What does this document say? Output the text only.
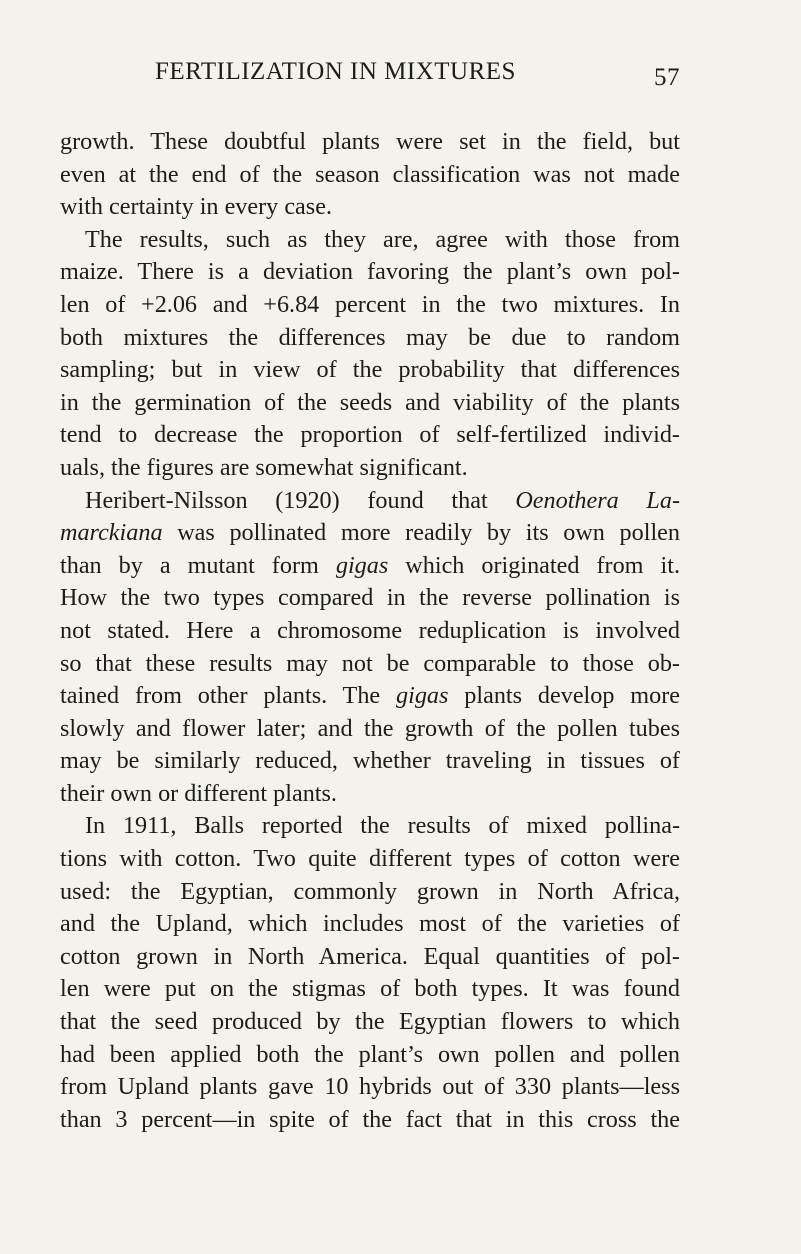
FERTILIZATION IN MIXTURES	57
growth. These doubtful plants were set in the field, but
even at the end of the season classification was not made
with certainty in every case.
The results, such as they are, agree with those from
maize. There is a deviation favoring the plant’s own pol-
len of +2.06 and +6.84 percent in the two mixtures. In
both mixtures the differences may be due to random
sampling; but in view of the probability that differences
in the germination of the seeds and viability of the plants
tend to decrease the proportion of self-fertilized individ-
uals, the figures are somewhat significant.
Heribert-Nilsson (1920) found that Oenothera La-
marckiana was pollinated more readily by its own pollen
than by a mutant form gigas which originated from it.
How the two types compared in the reverse pollination is
not stated. Here a chromosome reduplication is involved
so that these results may not be comparable to those ob-
tained from other plants. The gigas plants develop more
slowly and flower later; and the growth of the pollen tubes
may be similarly reduced, whether traveling in tissues of
their own or different plants.
In 1911, Balls reported the results of mixed pollina-
tions with cotton. Two quite different types of cotton were
used: the Egyptian, commonly grown in North Africa,
and the Upland, which includes most of the varieties of
cotton grown in North America. Equal quantities of pol-
len were put on the stigmas of both types. It was found
that the seed produced by the Egyptian flowers to which
had been applied both the plant’s own pollen and pollen
from Upland plants gave 10 hybrids out of 330 plants—less
than 3 percent—in spite of the fact that in this cross the
